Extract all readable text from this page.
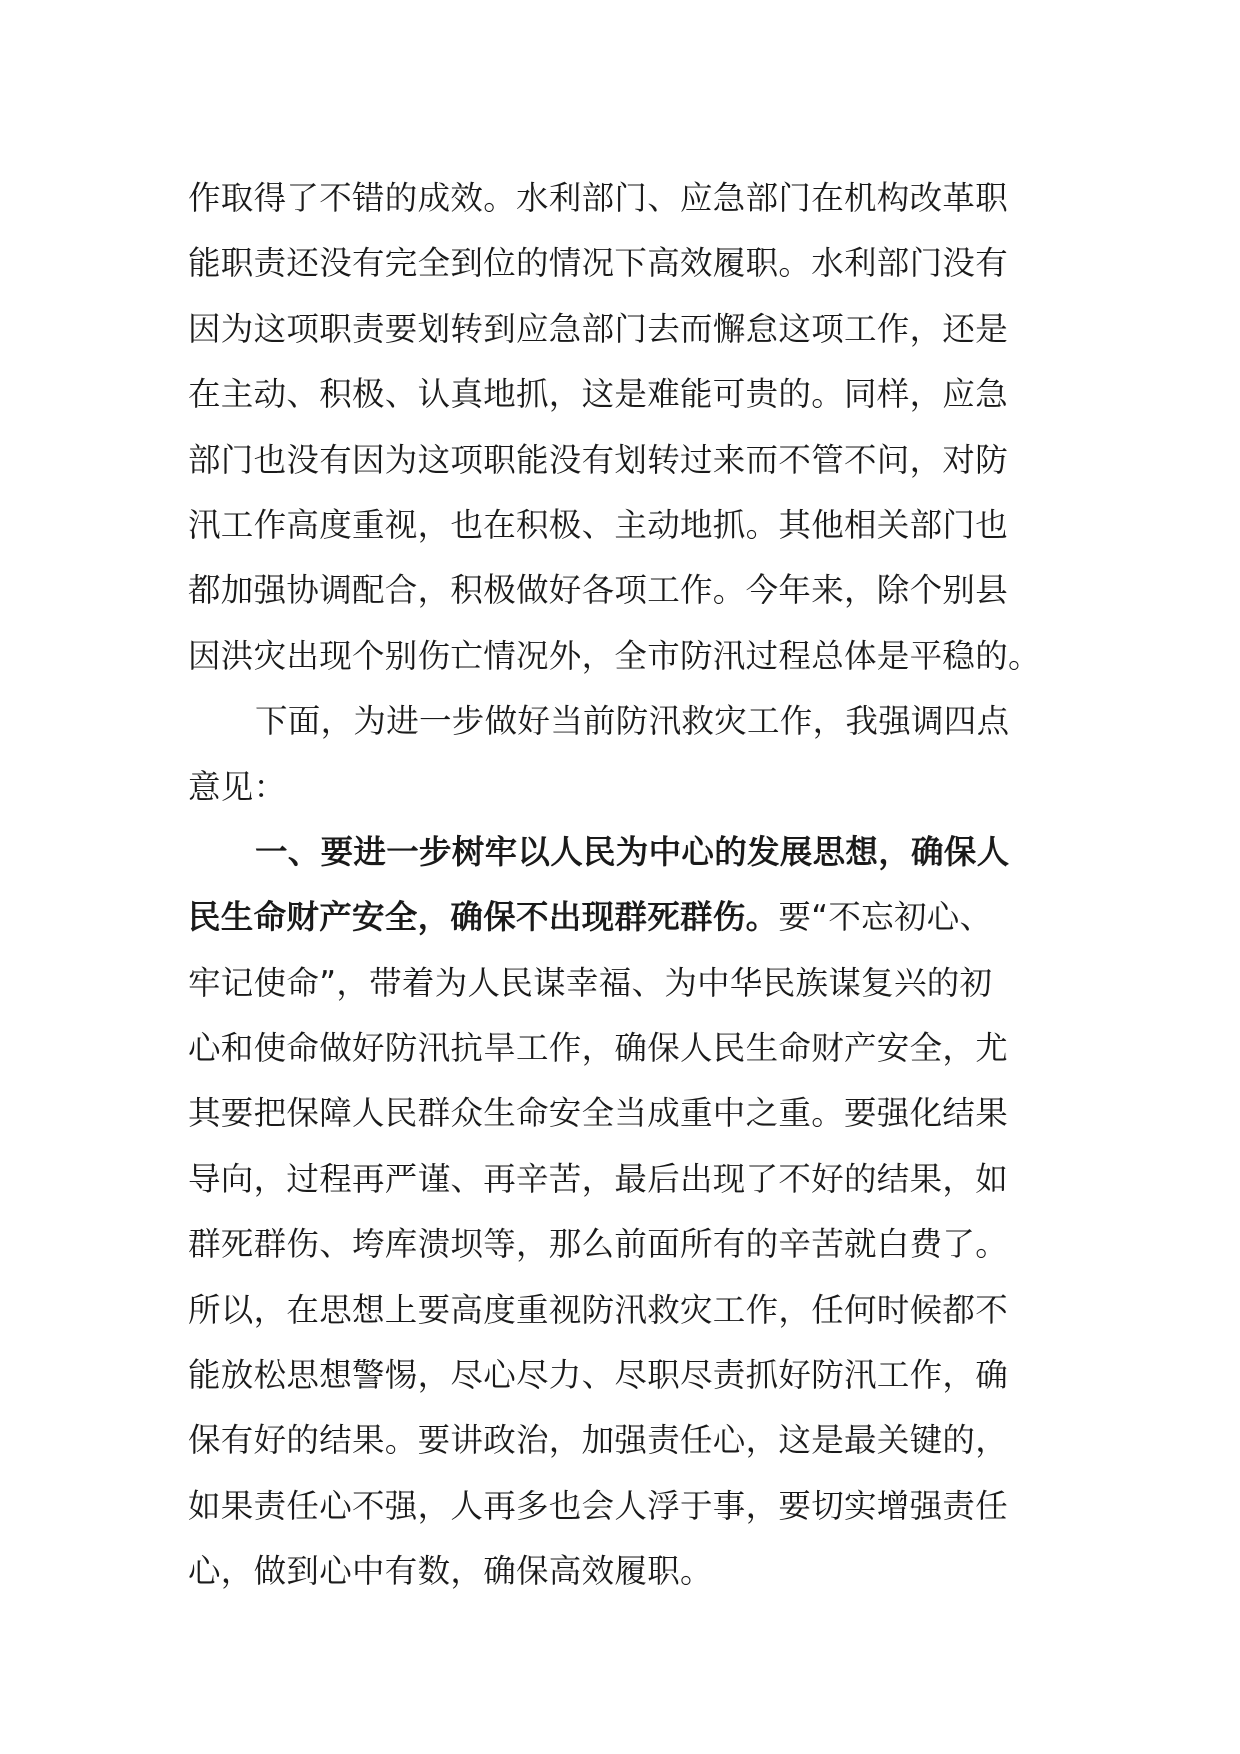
作取得了不错的成效。水利部门、应急部门在机构改革职
能职责还没有完全到位的情况下高效履职。水利部门没有
因为这项职责要划转到应急部门去而懈怠这项工作，还是
在主动、积极、认真地抓，这是难能可贵的。同样，应急
部门也没有因为这项职能没有划转过来而不管不问，对防
汛工作高度重视，也在积极、主动地抓。其他相关部门也
都加强协调配合，积极做好各项工作。今年来，除个别县
因洪灾出现个别伤亡情况外，全市防汛过程总体是平稳的。
下面，为进一步做好当前防汛救灾工作，我强调四点
意见：
一、要进一步树牢以人民为中心的发展思想，确保人
民生命财产安全，确保不出现群死群伤。要“不忘初心、
牢记使命”，带着为人民谋幸福、为中华民族谋复兴的初
心和使命做好防汛抗旱工作，确保人民生命财产安全，尤
其要把保障人民群众生命安全当成重中之重。要强化结果
导向，过程再严谨、再辛苦，最后出现了不好的结果，如
群死群伤、垮库溃坝等，那么前面所有的辛苦就白费了。
所以，在思想上要高度重视防汛救灾工作，任何时候都不
能放松思想警惕，尽心尽力、尽职尽责抓好防汛工作，确
保有好的结果。要讲政治，加强责任心，这是最关键的，
如果责任心不强，人再多也会人浮于事，要切实增强责任
心，做到心中有数，确保高效履职。
